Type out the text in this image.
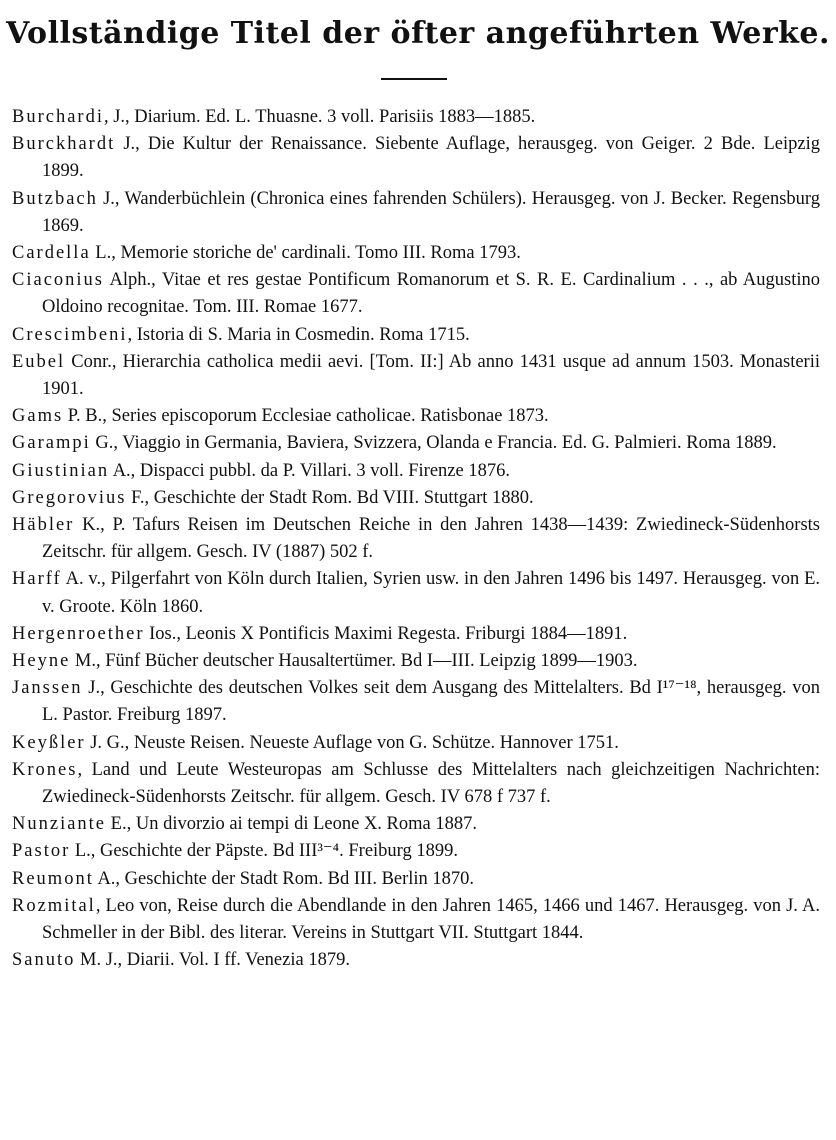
Vollständige Titel der öfter angeführten Werke.

Burchardi, J., Diarium. Ed. L. Thuasne. 3 voll. Parisiis 1883—1885.

Burckhardt J., Die Kultur der Renaissance. Siebente Auflage, herausgeg. von Geiger. 2 Bde. Leipzig 1899.

Butzbach J., Wanderbüchlein (Chronica eines fahrenden Schülers). Herausgeg. von J. Becker. Regensburg 1869.

Cardella L., Memorie storiche de' cardinali. Tomo III. Roma 1793.

Ciaconius Alph., Vitae et res gestae Pontificum Romanorum et S. R. E. Cardinalium . . ., ab Augustino Oldoino recognitae. Tom. III. Romae 1677.

Crescimbeni, Istoria di S. Maria in Cosmedin. Roma 1715.

Eubel Conr., Hierarchia catholica medii aevi. [Tom. II:] Ab anno 1431 usque ad annum 1503. Monasterii 1901.

Gams P. B., Series episcoporum Ecclesiae catholicae. Ratisbonae 1873.

Garampi G., Viaggio in Germania, Baviera, Svizzera, Olanda e Francia. Ed. G. Palmieri. Roma 1889.

Giustinian A., Dispacci pubbl. da P. Villari. 3 voll. Firenze 1876.

Gregorovius F., Geschichte der Stadt Rom. Bd VIII. Stuttgart 1880.

Häbler K., P. Tafurs Reisen im Deutschen Reiche in den Jahren 1438—1439: Zwiedineck-Südenhorsts Zeitschr. für allgem. Gesch. IV (1887) 502 f.

Harff A. v., Pilgerfahrt von Köln durch Italien, Syrien usw. in den Jahren 1496 bis 1497. Herausgeg. von E. v. Groote. Köln 1860.

Hergenroether Ios., Leonis X Pontificis Maximi Regesta. Friburgi 1884—1891.

Heyne M., Fünf Bücher deutscher Hausaltertümer. Bd I—III. Leipzig 1899—1903.

Janssen J., Geschichte des deutschen Volkes seit dem Ausgang des Mittelalters. Bd I¹⁷⁻¹⁸, herausgeg. von L. Pastor. Freiburg 1897.

Keyßler J. G., Neuste Reisen. Neueste Auflage von G. Schütze. Hannover 1751.

Krones, Land und Leute Westeuropas am Schlusse des Mittelalters nach gleichzeitigen Nachrichten: Zwiedineck-Südenhorsts Zeitschr. für allgem. Gesch. IV 678 f 737 f.

Nunziante E., Un divorzio ai tempi di Leone X. Roma 1887.

Pastor L., Geschichte der Päpste. Bd III³⁻⁴. Freiburg 1899.

Reumont A., Geschichte der Stadt Rom. Bd III. Berlin 1870.

Rozmital, Leo von, Reise durch die Abendlande in den Jahren 1465, 1466 und 1467. Herausgeg. von J. A. Schmeller in der Bibl. des literar. Vereins in Stuttgart VII. Stuttgart 1844.

Sanuto M. J., Diarii. Vol. I ff. Venezia 1879.
